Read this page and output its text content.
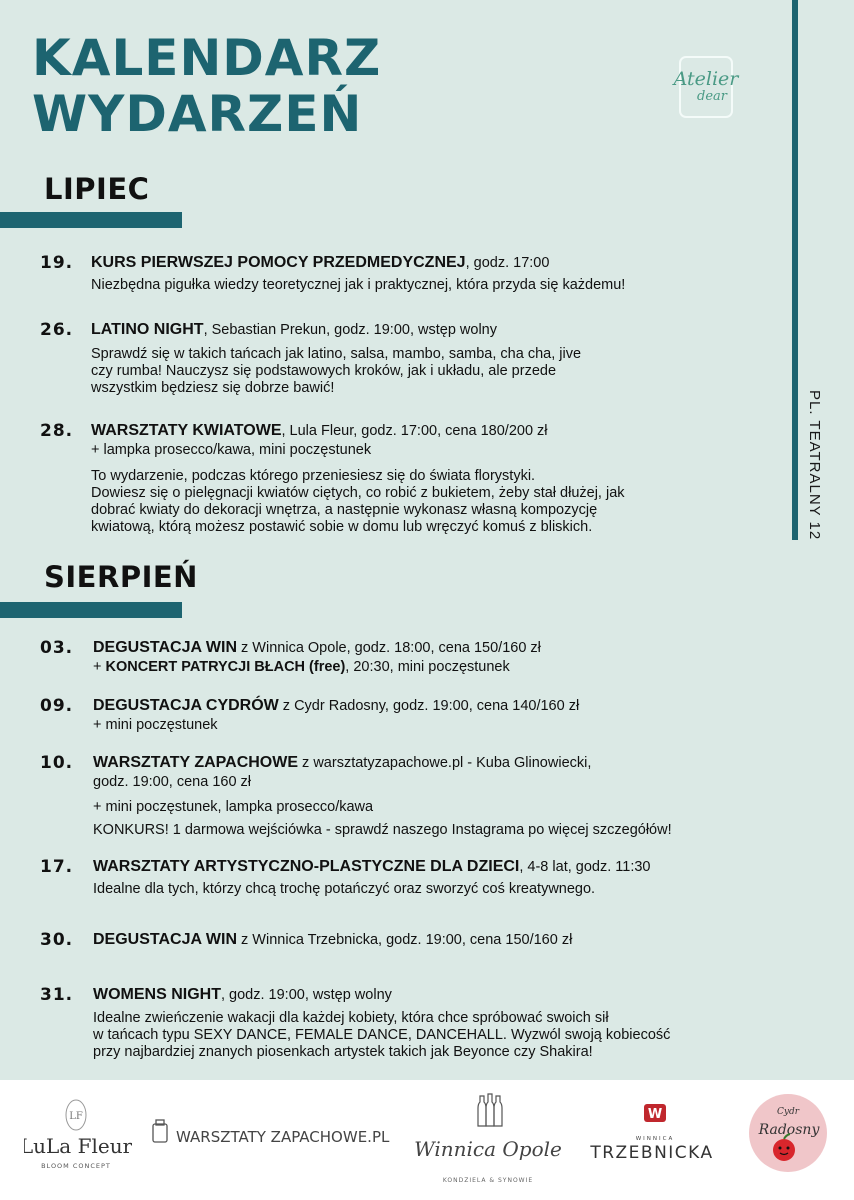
KALENDARZ
WYDARZEŃ
Atelier
dear
PL. TEATRALNY 12
LIPIEC
19.	KURS PIERWSZEJ POMOCY PRZEDMEDYCZNEJ, godz. 17:00
Niezbędna pigułka wiedzy teoretycznej jak i praktycznej, która przyda się każdemu!
26.	LATINO NIGHT, Sebastian Prekun, godz. 19:00, wstęp wolny
Sprawdź się w takich tańcach jak latino, salsa, mambo, samba, cha cha, jive
czy rumba! Nauczysz się podstawowych kroków, jak i układu, ale przede
wszystkim będziesz się dobrze bawić!
28.	WARSZTATY KWIATOWE, Lula Fleur, godz. 17:00, cena 180/200 zł
+ lampka prosecco/kawa, mini poczęstunek
To wydarzenie, podczas którego przeniesiesz się do świata florystyki.
Dowiesz się o pielęgnacji kwiatów ciętych, co robić z bukietem, żeby stał dłużej, jak
dobrać kwiaty do dekoracji wnętrza, a następnie wykonasz własną kompozycję
kwiatową, którą możesz postawić sobie w domu lub wręczyć komuś z bliskich.
SIERPIEŃ
03.	DEGUSTACJA WIN z Winnica Opole, godz. 18:00, cena 150/160 zł
+ KONCERT PATRYCJI BŁACH (free), 20:30, mini poczęstunek
09.	DEGUSTACJA CYDRÓW z Cydr Radosny, godz. 19:00, cena 140/160 zł
+ mini poczęstunek
10.	WARSZTATY ZAPACHOWE z warsztatyzapachowe.pl - Kuba Glinowiecki,
godz. 19:00, cena 160 zł
+ mini poczęstunek, lampka prosecco/kawa
KONKURS! 1 darmowa wejściówka - sprawdź naszego Instagrama po więcej szczegółów!
17.	WARSZTATY ARTYSTYCZNO-PLASTYCZNE DLA DZIECI, 4-8 lat, godz. 11:30
Idealne dla tych, którzy chcą trochę potańczyć oraz sworzyć coś kreatywnego.
30.	DEGUSTACJA WIN z Winnica Trzebnicka, godz. 19:00, cena 150/160 zł
31.	WOMENS NIGHT, godz. 19:00, wstęp wolny
Idealne zwieńczenie wakacji dla każdej kobiety, która chce spróbować swoich sił
w tańcach typu SEXY DANCE, FEMALE DANCE, DANCEHALL. Wyzwól swoją kobiecość
przy najbardziej znanych piosenkach artystek takich jak Beyonce czy Shakira!
LF
LuLa Fleur
BLOOM CONCEPT
WARSZTATY ZAPACHOWE.PL Winnica Opole
KONDZIELA & SYNOWIE
W
WINNICA
TRZEBNICKA
Cydr
Radosny
